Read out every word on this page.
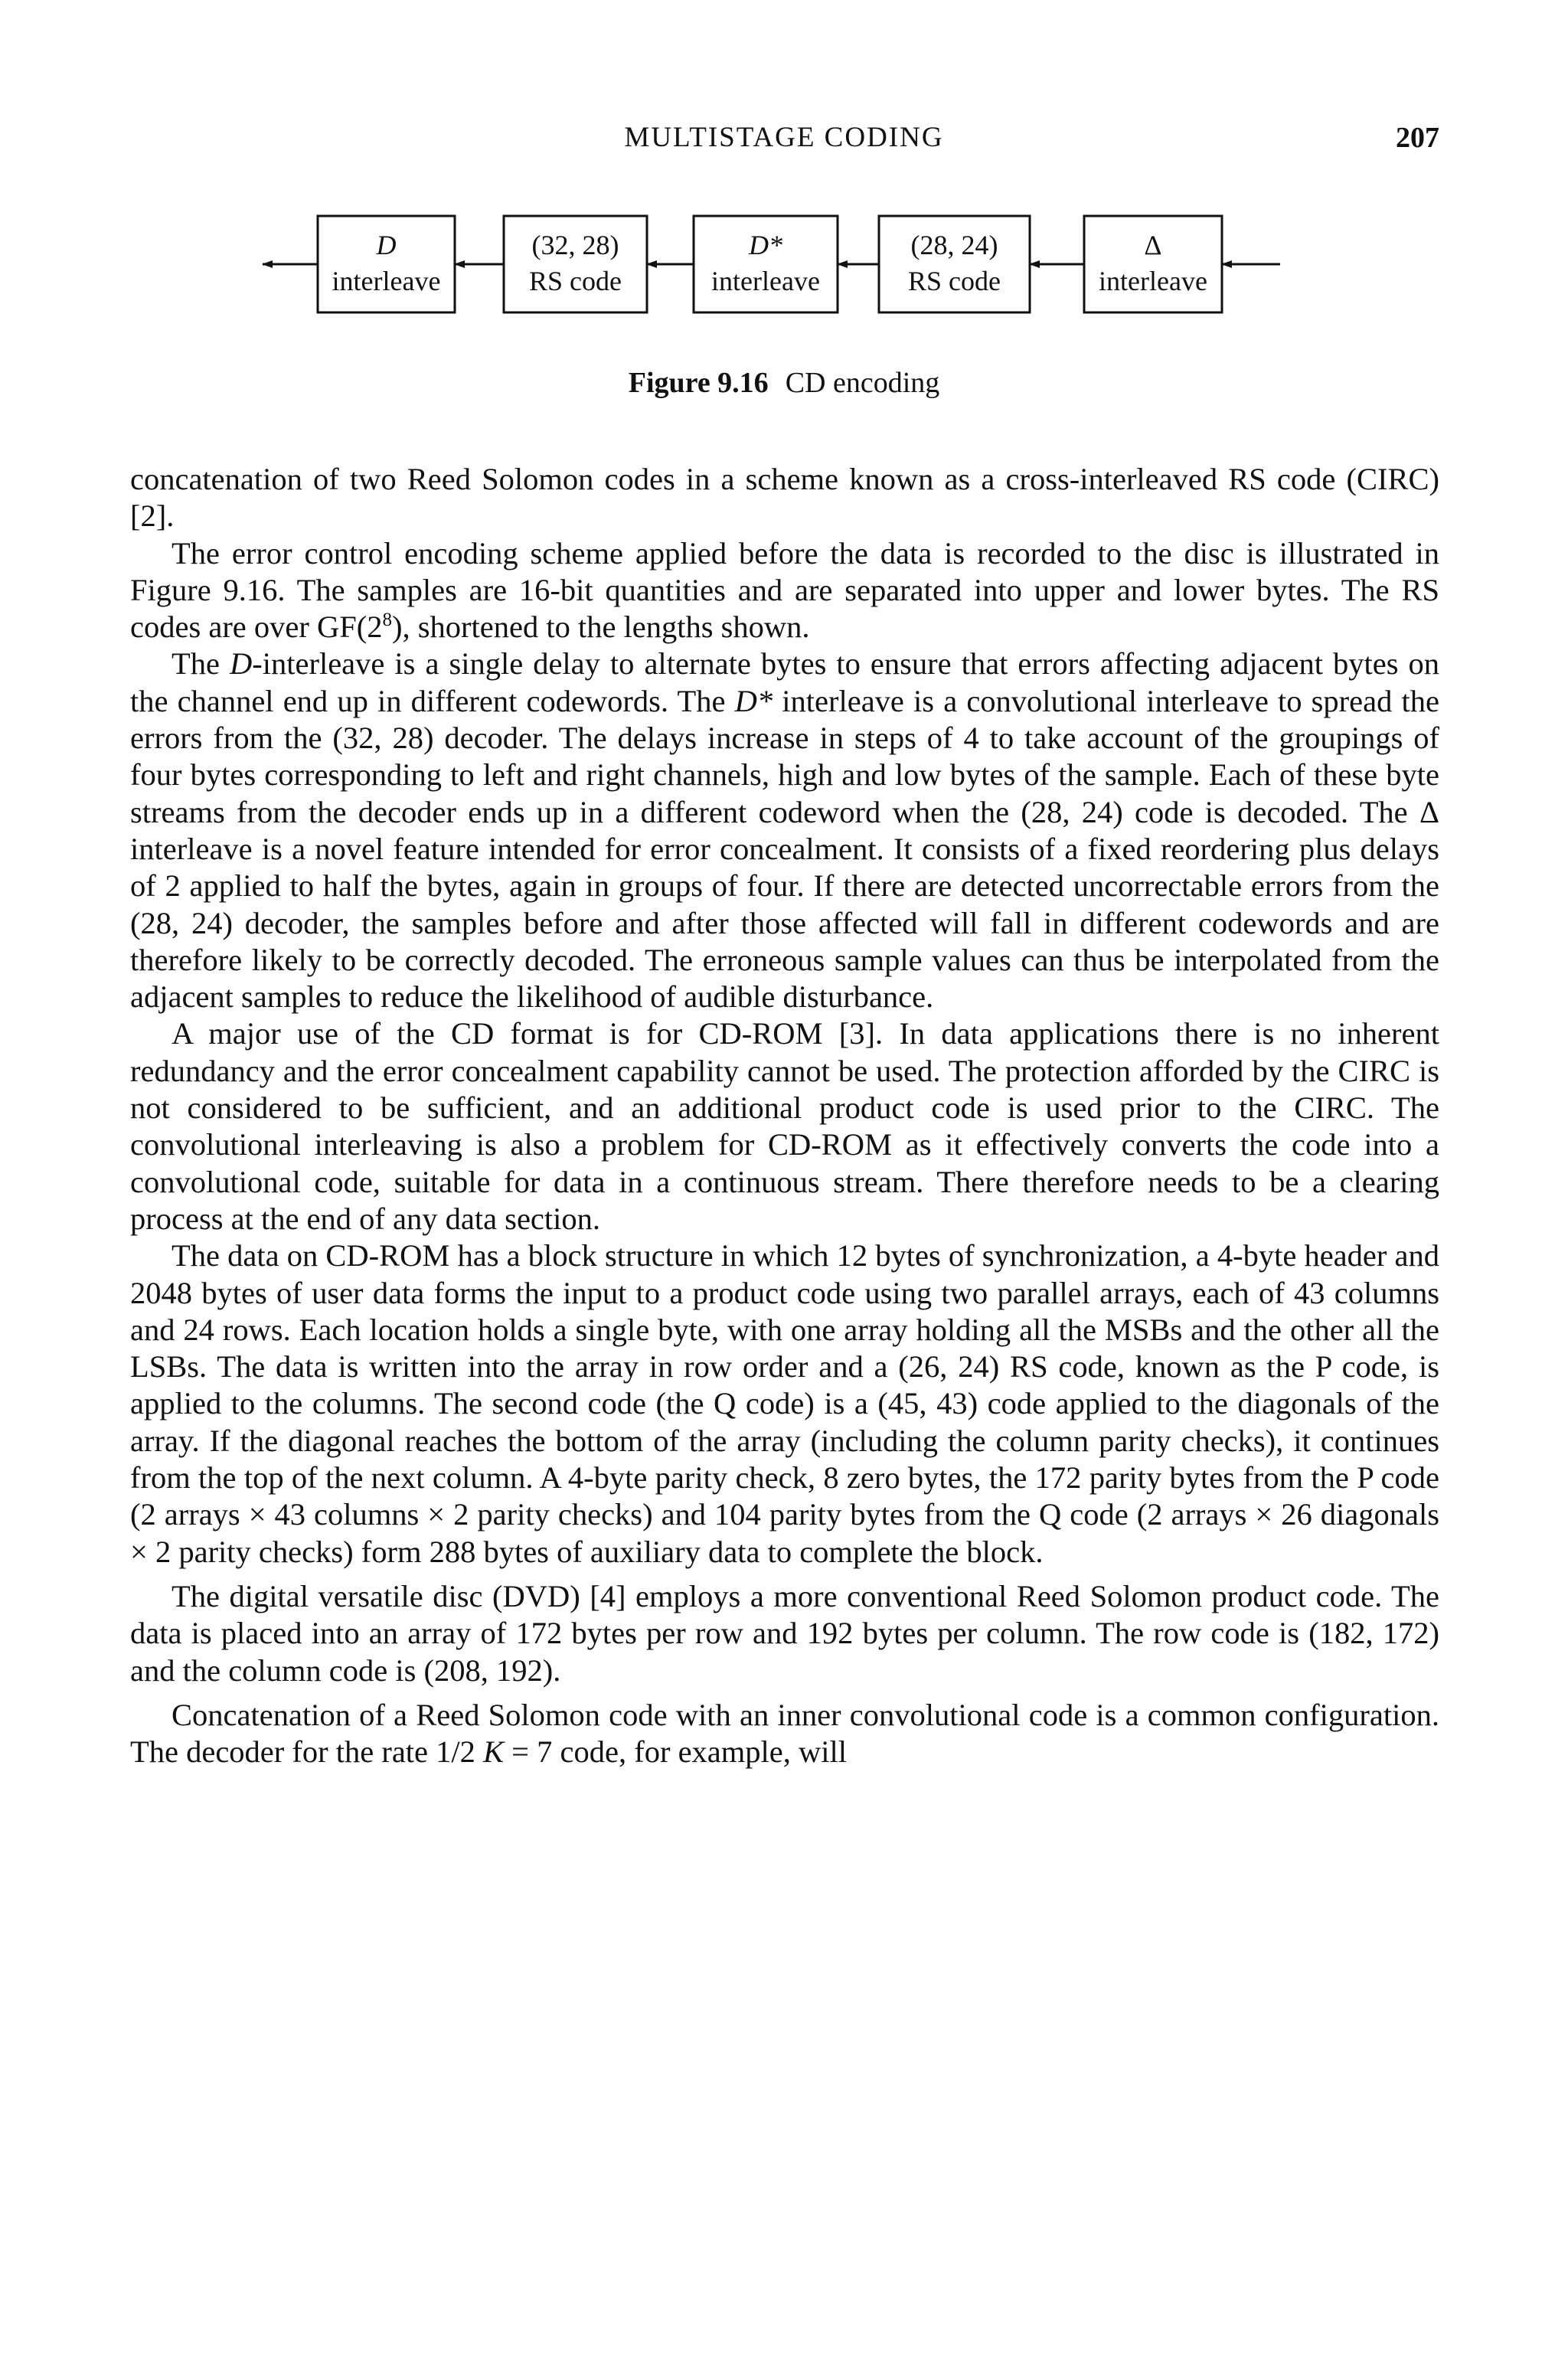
MULTISTAGE CODING	207
D
interleave
(32, 28)
RS code
D*
interleave
(28, 24)
RS code
Δ
interleave
Figure 9.16 CD encoding

concatenation of two Reed Solomon codes in a scheme known as a cross-interleaved RS code (CIRC) [2].

The error control encoding scheme applied before the data is recorded to the disc is illustrated in Figure 9.16. The samples are 16-bit quantities and are separated into upper and lower bytes. The RS codes are over $GF(2^8)$, shortened to the lengths shown.

The D-interleave is a single delay to alternate bytes to ensure that errors affecting adjacent bytes on the channel end up in different codewords. The D* interleave is a convolutional interleave to spread the errors from the (32, 28) decoder. The delays increase in steps of 4 to take account of the groupings of four bytes corresponding to left and right channels, high and low bytes of the sample. Each of these byte streams from the decoder ends up in a different codeword when the (28, 24) code is decoded. The Δ interleave is a novel feature intended for error concealment. It consists of a fixed reordering plus delays of 2 applied to half the bytes, again in groups of four. If there are detected uncorrectable errors from the (28, 24) decoder, the samples before and after those affected will fall in different codewords and are therefore likely to be correctly decoded. The erroneous sample values can thus be interpolated from the adjacent samples to reduce the likelihood of audible disturbance.

A major use of the CD format is for CD-ROM [3]. In data applications there is no inherent redundancy and the error concealment capability cannot be used. The protection afforded by the CIRC is not considered to be sufficient, and an additional product code is used prior to the CIRC. The convolutional interleaving is also a problem for CD-ROM as it effectively converts the code into a convolutional code, suitable for data in a continuous stream. There therefore needs to be a clearing process at the end of any data section.

The data on CD-ROM has a block structure in which 12 bytes of synchronization, a 4-byte header and 2048 bytes of user data forms the input to a product code using two parallel arrays, each of 43 columns and 24 rows. Each location holds a single byte, with one array holding all the MSBs and the other all the LSBs. The data is written into the array in row order and a (26, 24) RS code, known as the P code, is applied to the columns. The second code (the Q code) is a (45, 43) code applied to the diagonals of the array. If the diagonal reaches the bottom of the array (including the column parity checks), it continues from the top of the next column. A 4-byte parity check, 8 zero bytes, the 172 parity bytes from the P code (2 arrays × 43 columns × 2 parity checks) and 104 parity bytes from the Q code (2 arrays × 26 diagonals × 2 parity checks) form 288 bytes of auxiliary data to complete the block.

The digital versatile disc (DVD) [4] employs a more conventional Reed Solomon product code. The data is placed into an array of 172 bytes per row and 192 bytes per column. The row code is (182, 172) and the column code is (208, 192).

Concatenation of a Reed Solomon code with an inner convolutional code is a common configuration. The decoder for the rate 1/2 K = 7 code, for example, will
